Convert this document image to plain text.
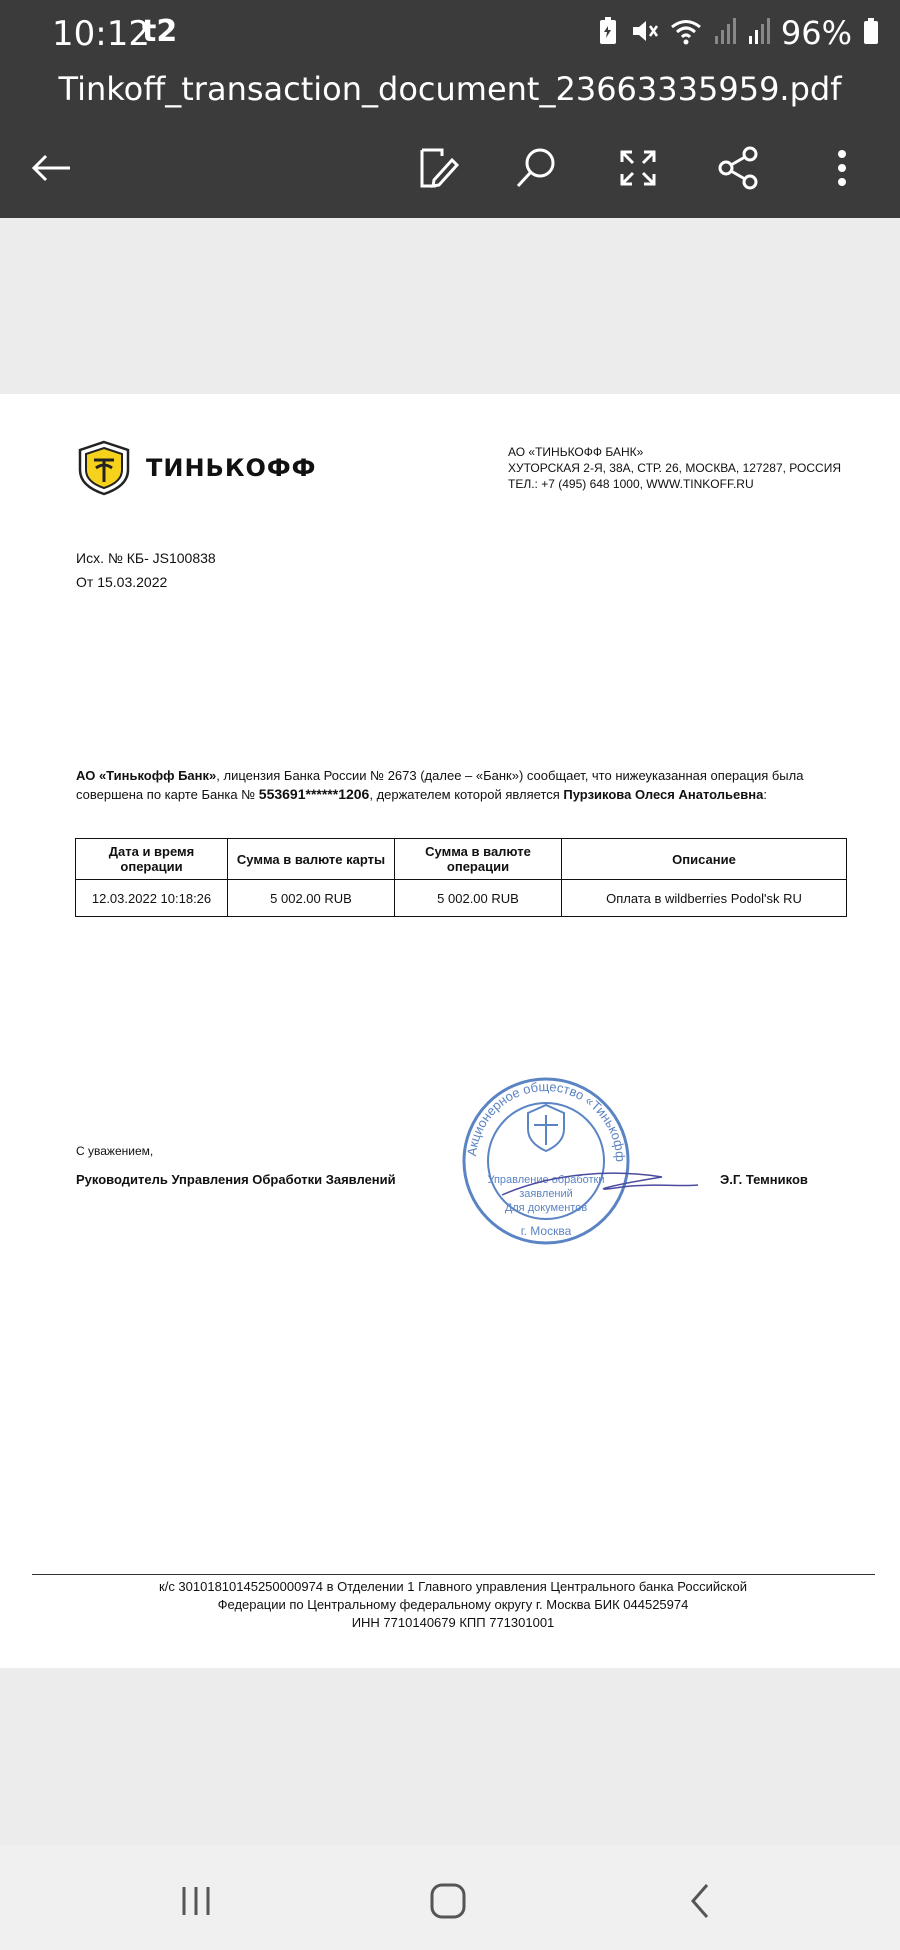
10:12
t2	96%
Tinkoff_transaction_document_23663335959.pdf
ТИНЬКОФФ
АО «ТИНЬКОФФ БАНК»
ХУТОРСКАЯ 2-Я, 38А, СТР. 26, МОСКВА, 127287, РОССИЯ
ТЕЛ.: +7 (495) 648 1000, WWW.TINKOFF.RU
Исх. № КБ- JS100838
От 15.03.2022
АО «Тинькофф Банк», лицензия Банка России № 2673 (далее – «Банк») сообщает, что нижеуказанная операция была совершена по карте Банка № 553691******1206, держателем которой является Пурзикова Олеся Анатольевна:
Дата и время операции	Сумма в валюте карты	Сумма в валюте операции	Описание
12.03.2022 10:18:26	5 002.00 RUB	5 002.00 RUB	Оплата в wildberries Podol'sk RU
С уважением,
Руководитель Управления Обработки Заявлений
Акционерное общество «Тинькофф
Управление обработки
заявлений
Для документов
г. Москва
Э.Г. Темников
к/с 30101810145250000974 в Отделении 1 Главного управления Центрального банка Российской
Федерации по Центральному федеральному округу г. Москва БИК 044525974
ИНН 7710140679 КПП 771301001
